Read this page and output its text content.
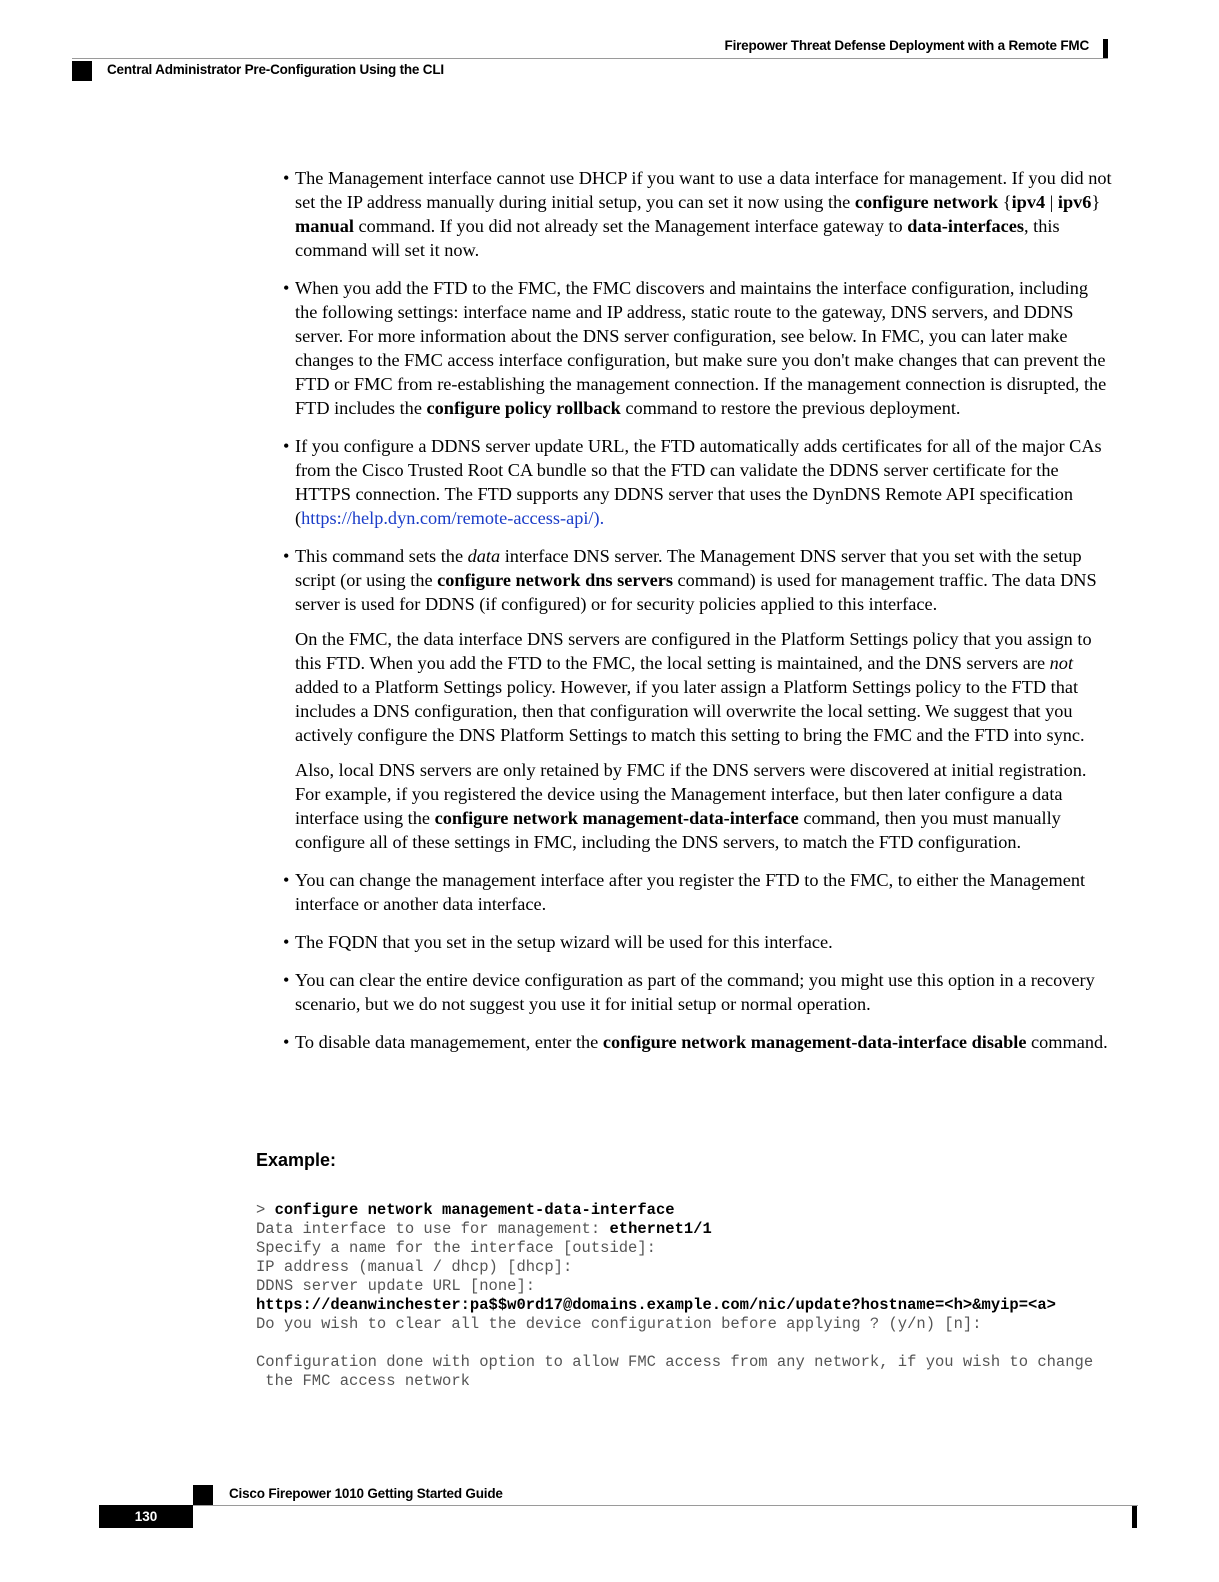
Firepower Threat Defense Deployment with a Remote FMC
Central Administrator Pre-Configuration Using the CLI
• The Management interface cannot use DHCP if you want to use a data interface for management. If you did not set the IP address manually during initial setup, you can set it now using the configure network {ipv4 | ipv6} manual command. If you did not already set the Management interface gateway to data-interfaces, this command will set it now.

• When you add the FTD to the FMC, the FMC discovers and maintains the interface configuration, including the following settings: interface name and IP address, static route to the gateway, DNS servers, and DDNS server. For more information about the DNS server configuration, see below. In FMC, you can later make changes to the FMC access interface configuration, but make sure you don't make changes that can prevent the FTD or FMC from re-establishing the management connection. If the management connection is disrupted, the FTD includes the configure policy rollback command to restore the previous deployment.

• If you configure a DDNS server update URL, the FTD automatically adds certificates for all of the major CAs from the Cisco Trusted Root CA bundle so that the FTD can validate the DDNS server certificate for the HTTPS connection. The FTD supports any DDNS server that uses the DynDNS Remote API specification (https://help.dyn.com/remote-access-api/).

• This command sets the data interface DNS server. The Management DNS server that you set with the setup script (or using the configure network dns servers command) is used for management traffic. The data DNS server is used for DDNS (if configured) or for security policies applied to this interface.

On the FMC, the data interface DNS servers are configured in the Platform Settings policy that you assign to this FTD. When you add the FTD to the FMC, the local setting is maintained, and the DNS servers are not added to a Platform Settings policy. However, if you later assign a Platform Settings policy to the FTD that includes a DNS configuration, then that configuration will overwrite the local setting. We suggest that you actively configure the DNS Platform Settings to match this setting to bring the FMC and the FTD into sync.

Also, local DNS servers are only retained by FMC if the DNS servers were discovered at initial registration. For example, if you registered the device using the Management interface, but then later configure a data interface using the configure network management-data-interface command, then you must manually configure all of these settings in FMC, including the DNS servers, to match the FTD configuration.

• You can change the management interface after you register the FTD to the FMC, to either the Management interface or another data interface.

• The FQDN that you set in the setup wizard will be used for this interface.

• You can clear the entire device configuration as part of the command; you might use this option in a recovery scenario, but we do not suggest you use it for initial setup or normal operation.

• To disable data managemement, enter the configure network management-data-interface disable command.

Example:
> configure network management-data-interface
Data interface to use for management: ethernet1/1
Specify a name for the interface [outside]:
IP address (manual / dhcp) [dhcp]:
DDNS server update URL [none]:
https://deanwinchester:pa$$w0rd17@domains.example.com/nic/update?hostname=<h>&myip=<a>
Do you wish to clear all the device configuration before applying ? (y/n) [n]:

Configuration done with option to allow FMC access from any network, if you wish to change
the FMC access network
Cisco Firepower 1010 Getting Started Guide
130
